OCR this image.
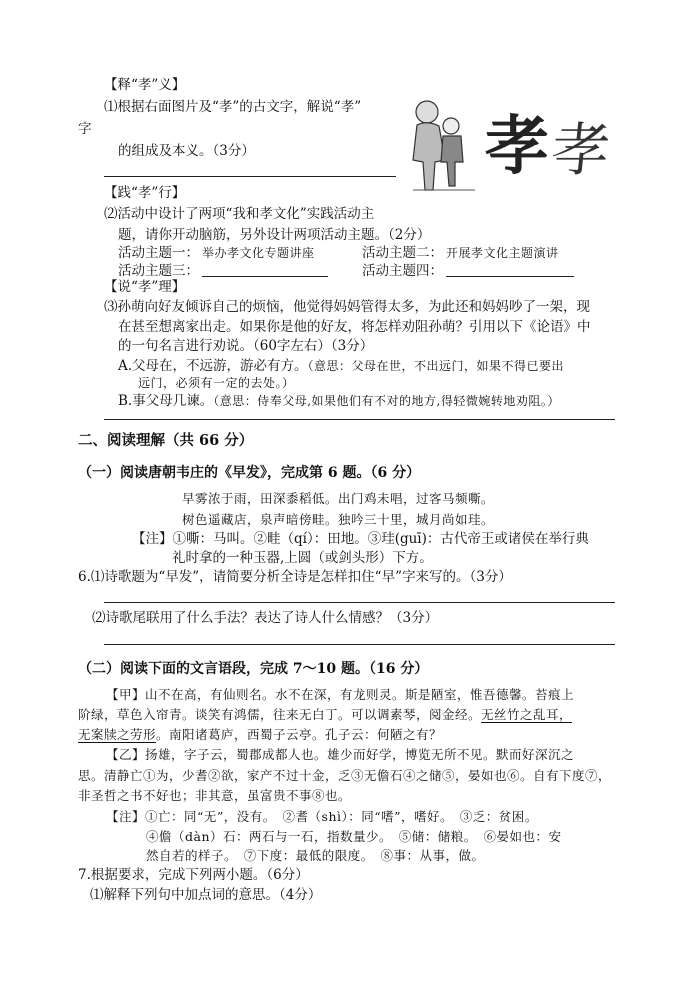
【释“孝”义】
⑴根据右面图片及“孝”的古文字，解说“孝”
字
的组成及本义。（3分）	孝 孝
【践“孝”行】
⑵活动中设计了两项“我和孝文化”实践活动主
题，请你开动脑筋，另外设计两项活动主题。（2分）
活动主题一： 举办孝文化专题讲座	活动主题二： 开展孝文化主题演讲
活动主题三：	活动主题四：
【说“孝”理】
⑶孙萌向好友倾诉自己的烦恼，他觉得妈妈管得太多，为此还和妈妈吵了一架，现
在甚至想离家出走。如果你是他的好友，将怎样劝阻孙萌？引用以下《论语》中
的一句名言进行劝说。（60字左右）（3分）
A.父母在，不远游，游必有方。（意思：父母在世，不出远门，如果不得已要出
远门，必须有一定的去处。）
B.事父母几谏。（意思：侍奉父母,如果他们有不对的地方,得轻微婉转地劝阻。）
二、阅读理解（共 66 分）
（一）阅读唐朝韦庄的《早发》，完成第 6 题。（6 分）
早雾浓于雨，田深黍稻低。出门鸡未唱，过客马频嘶。
树色遥藏店，泉声暗傍畦。独吟三十里，城月尚如珪。
【注】①嘶：马叫。②畦（qí）：田地。③珪(guī)：古代帝王或诸侯在举行典
礼时拿的一种玉器,上圆（或剑头形）下方。
6.⑴诗歌题为“早发”，请简要分析全诗是怎样扣住“早”字来写的。（3分）
⑵诗歌尾联用了什么手法？表达了诗人什么情感？（3分）
（二）阅读下面的文言语段，完成 7～10 题。（16 分）
【甲】山不在高，有仙则名。水不在深，有龙则灵。斯是陋室，惟吾德馨。苔痕上
阶绿，草色入帘青。谈笑有鸿儒，往来无白丁。可以调素琴，阅金经。无丝竹之乱耳，
无案牍之劳形。南阳诸葛庐，西蜀子云亭。孔子云：何陋之有？
【乙】扬雄，字子云，蜀郡成都人也。雄少而好学，博览无所不见。默而好深沉之
思。清静亡①为，少耆②欲，家产不过十金，乏③无儋石④之储⑤，晏如也⑥。自有下度⑦，
非圣哲之书不好也；非其意，虽富贵不事⑧也。
【注】①亡：同“无”，没有。　②耆（shì）：同“嗜”，嗜好。　③乏：贫困。
④儋（dàn）石：两石与一石，指数量少。　⑤储：储粮。　⑥晏如也：安
然自若的样子。　⑦下度：最低的限度。　⑧事：从事，做。
7.根据要求，完成下列两小题。（6分）
⑴解释下列句中加点词的意思。（4分）
